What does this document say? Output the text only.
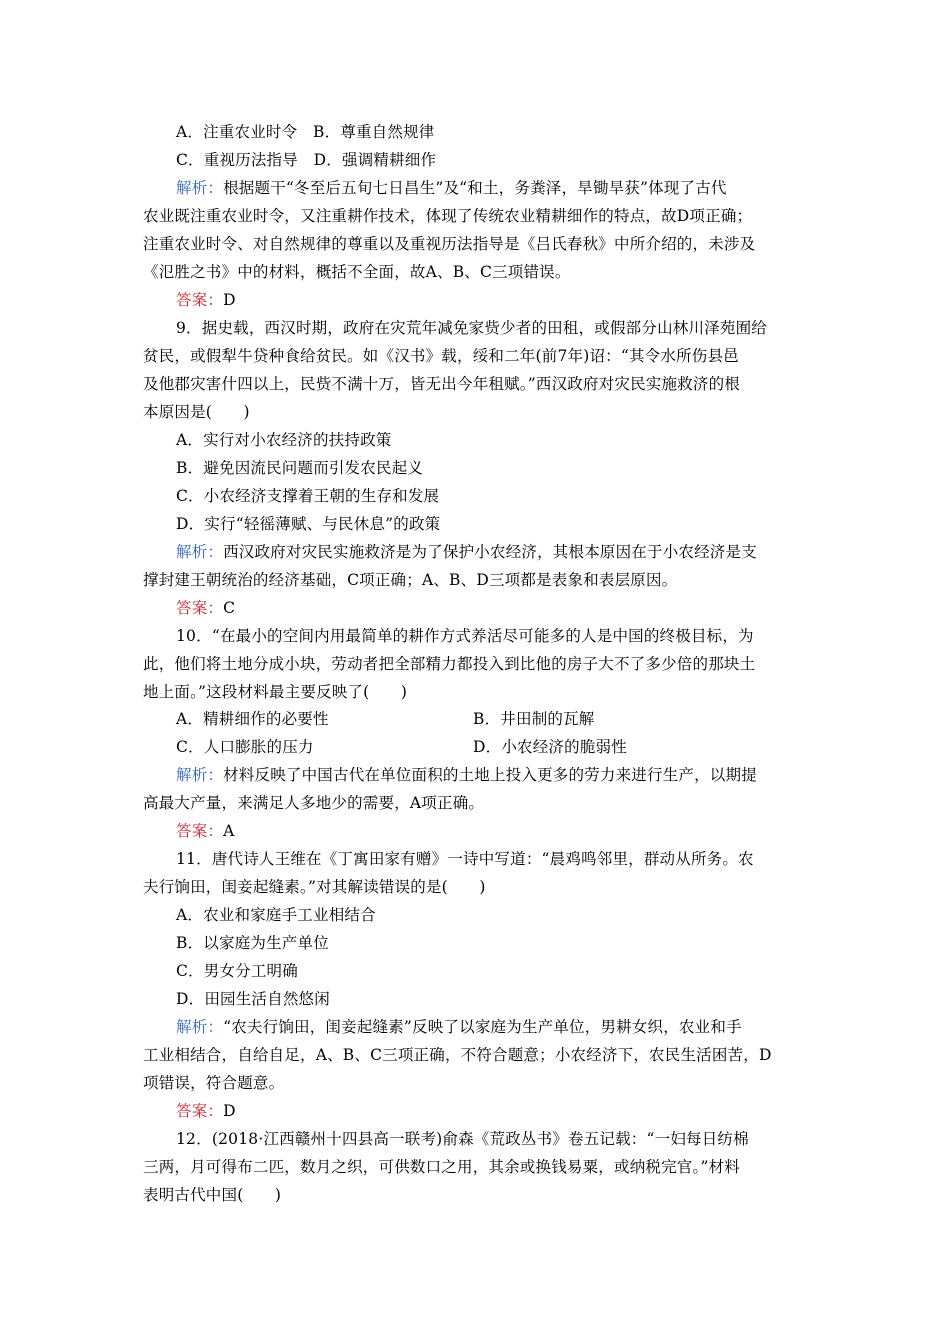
A．注重农业时令　B．尊重自然规律
C．重视历法指导　D．强调精耕细作
解析：根据题干“冬至后五旬七日昌生”及“和土，务粪泽，旱锄旱获”体现了古代
农业既注重农业时令，又注重耕作技术，体现了传统农业精耕细作的特点，故D项正确；
注重农业时令、对自然规律的尊重以及重视历法指导是《吕氏春秋》中所介绍的，未涉及
《氾胜之书》中的材料，概括不全面，故A、B、C三项错误。
答案：D
9．据史载，西汉时期，政府在灾荒年减免家赀少者的田租，或假部分山林川泽苑囿给
贫民，或假犁牛贷种食给贫民。如《汉书》载，绥和二年(前7年)诏：“其令水所伤县邑
及他郡灾害什四以上，民赀不满十万，皆无出今年租赋。”西汉政府对灾民实施救济的根
本原因是(　　)
A．实行对小农经济的扶持政策
B．避免因流民问题而引发农民起义
C．小农经济支撑着王朝的生存和发展
D．实行“轻徭薄赋、与民休息”的政策
解析：西汉政府对灾民实施救济是为了保护小农经济，其根本原因在于小农经济是支
撑封建王朝统治的经济基础，C项正确；A、B、D三项都是表象和表层原因。
答案：C
10．“在最小的空间内用最简单的耕作方式养活尽可能多的人是中国的终极目标，为
此，他们将土地分成小块，劳动者把全部精力都投入到比他的房子大不了多少倍的那块土
地上面。”这段材料最主要反映了(　　)
A．精耕细作的必要性	B．井田制的瓦解
C．人口膨胀的压力	D．小农经济的脆弱性
解析：材料反映了中国古代在单位面积的土地上投入更多的劳力来进行生产，以期提
高最大产量，来满足人多地少的需要，A项正确。
答案：A
11．唐代诗人王维在《丁寓田家有赠》一诗中写道：“晨鸡鸣邻里，群动从所务。农
夫行饷田，闺妾起缝素。”对其解读错误的是(　　)
A．农业和家庭手工业相结合
B．以家庭为生产单位
C．男女分工明确
D．田园生活自然悠闲
解析：“农夫行饷田，闺妾起缝素”反映了以家庭为生产单位，男耕女织，农业和手
工业相结合，自给自足，A、B、C三项正确，不符合题意；小农经济下，农民生活困苦，D
项错误，符合题意。
答案：D
12．(2018·江西赣州十四县高一联考)俞森《荒政丛书》卷五记载：“一妇每日纺棉
三两，月可得布二匹，数月之织，可供数口之用，其余或换钱易粟，或纳税完官。”材料
表明古代中国(　　)
